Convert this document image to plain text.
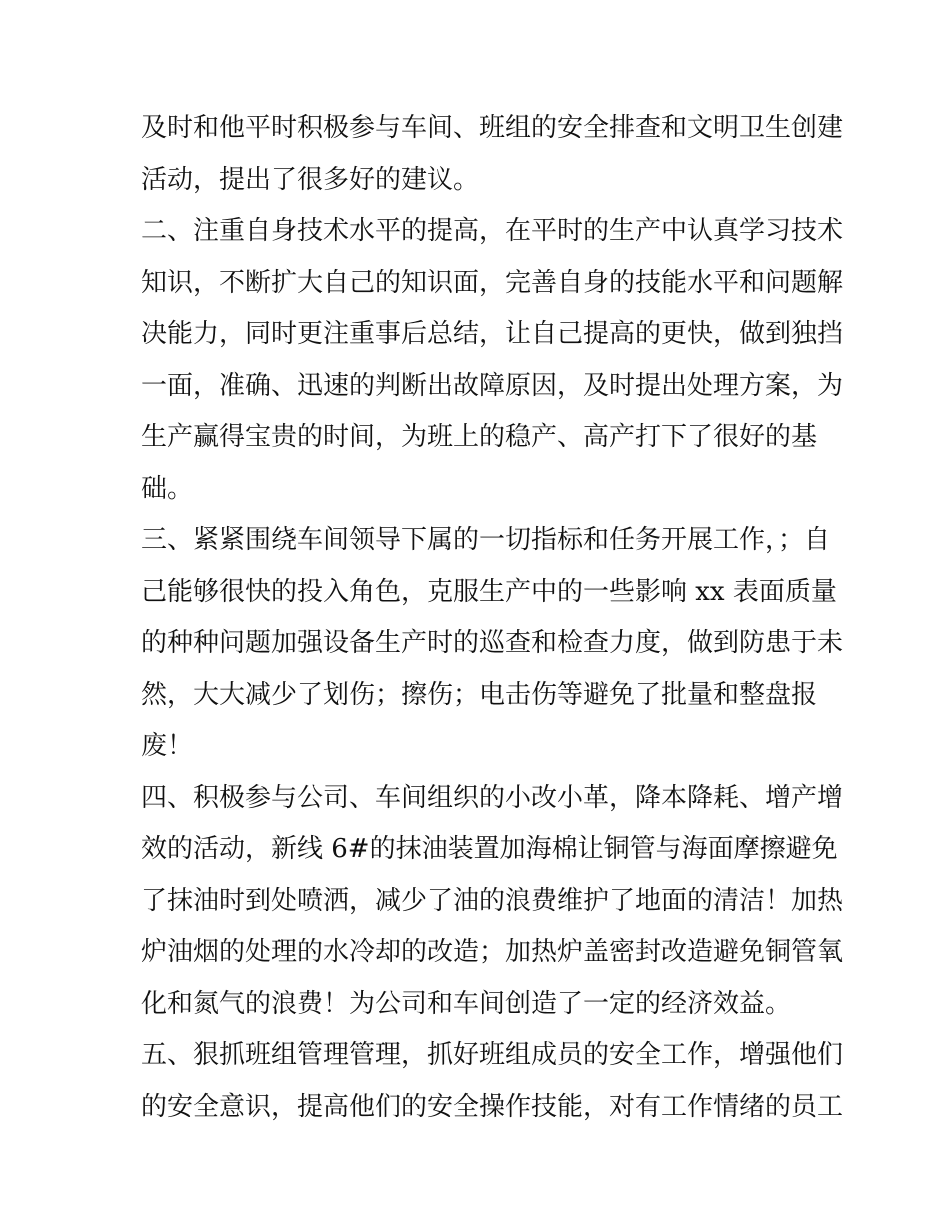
及时和他平时积极参与车间、班组的安全排查和文明卫生创建
活动，提出了很多好的建议。
二、注重自身技术水平的提高，在平时的生产中认真学习技术
知识，不断扩大自己的知识面，完善自身的技能水平和问题解
决能力，同时更注重事后总结，让自己提高的更快，做到独挡
一面，准确、迅速的判断出故障原因，及时提出处理方案，为
生产赢得宝贵的时间，为班上的稳产、高产打下了很好的基
础。
三、紧紧围绕车间领导下属的一切指标和任务开展工作，；自
己能够很快的投入角色，克服生产中的一些影响 xx 表面质量
的种种问题加强设备生产时的巡查和检查力度，做到防患于未
然，大大减少了划伤；擦伤；电击伤等避免了批量和整盘报
废！
四、积极参与公司、车间组织的小改小革，降本降耗、增产增
效的活动，新线 6#的抹油装置加海棉让铜管与海面摩擦避免
了抹油时到处喷洒，减少了油的浪费维护了地面的清洁！加热
炉油烟的处理的水冷却的改造；加热炉盖密封改造避免铜管氧
化和氮气的浪费！为公司和车间创造了一定的经济效益。
五、狠抓班组管理管理，抓好班组成员的安全工作，增强他们
的安全意识，提高他们的安全操作技能，对有工作情绪的员工
